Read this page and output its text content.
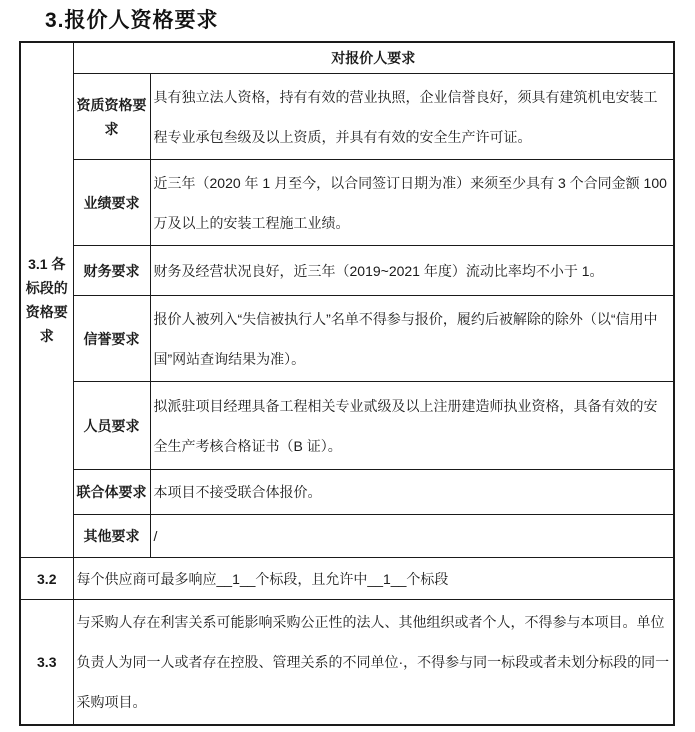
3.报价人资格要求
3.1 各标段的资格要求	对报价人要求	
	资质资格要求	具有独立法人资格，持有有效的营业执照，企业信誉良好，须具有建筑机电安装工程专业承包叁级及以上资质，并具有有效的安全生产许可证。
	业绩要求	近三年（2020 年 1 月至今，以合同签订日期为准）来须至少具有 3 个合同金额 100 万及以上的安装工程施工业绩。
	财务要求	财务及经营状况良好，近三年（2019~2021 年度）流动比率均不小于 1。
	信誉要求	报价人被列入“失信被执行人”名单不得参与报价，履约后被解除的除外（以“信用中国”网站查询结果为准）。
	人员要求	拟派驻项目经理具备工程相关专业贰级及以上注册建造师执业资格，具备有效的安全生产考核合格证书（B 证）。
	联合体要求	本项目不接受联合体报价。
	其他要求	/
3.2	每个供应商可最多响应__1__个标段，且允许中__1__个标段	
3.3	与采购人存在利害关系可能影响采购公正性的法人、其他组织或者个人，不得参与本项目。单位负责人为同一人或者存在控股、管理关系的不同单位·，不得参与同一标段或者未划分标段的同一采购项目。	
